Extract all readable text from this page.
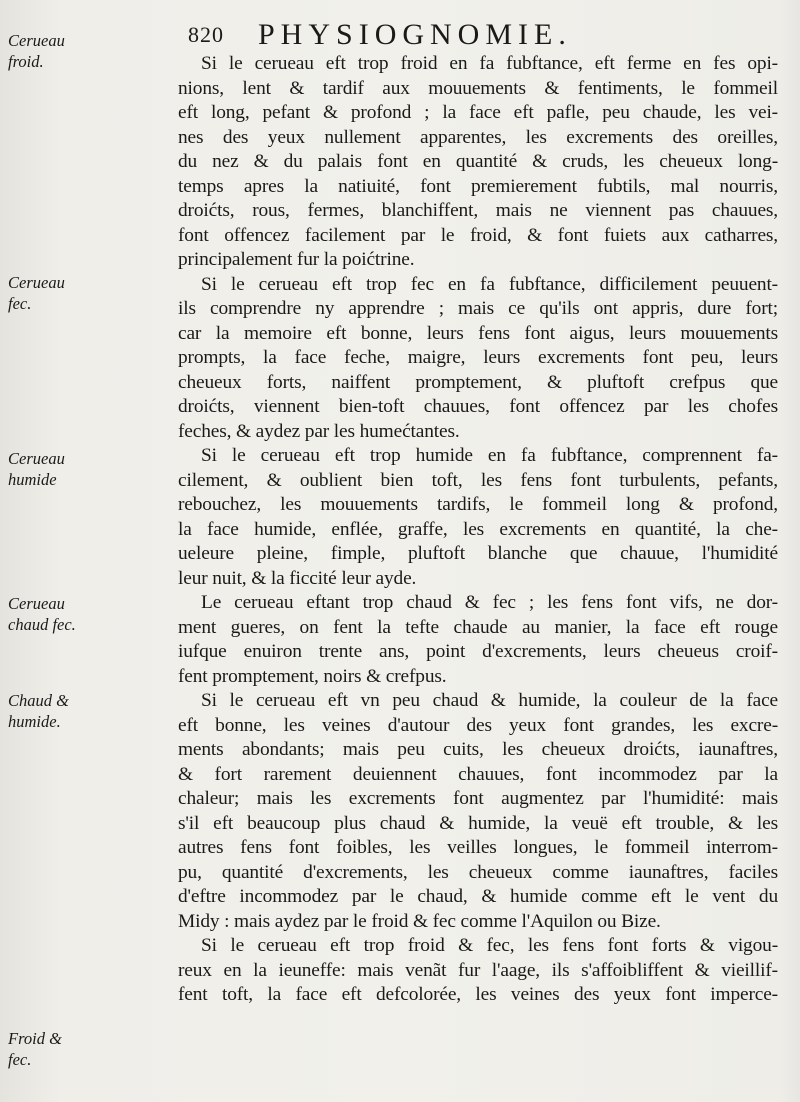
820 PHYSIOGNOMIE.
Cerueau
froid.
Cerueau
fec.
Cerueau
humide
Cerueau
chaud fec.
Chaud &
humide.
Froid &
fec.
Si le cerueau eft trop froid en fa fubftance, eft ferme en fes opi-
nions, lent & tardif aux mouuements & fentiments, le fommeil
eft long, pefant & profond ; la face eft pafle, peu chaude, les vei-
nes des yeux nullement apparentes, les excrements des oreilles,
du nez & du palais font en quantité & cruds, les cheueux long-
temps apres la natiuité, font premierement fubtils, mal nourris,
droićts, rous, fermes, blanchiffent, mais ne viennent pas chauues,
font offencez facilement par le froid, & font fuiets aux catharres,
principalement fur la poićtrine.
Si le cerueau eft trop fec en fa fubftance, difficilement peuuent-
ils comprendre ny apprendre ; mais ce qu'ils ont appris, dure fort;
car la memoire eft bonne, leurs fens font aigus, leurs mouuements
prompts, la face feche, maigre, leurs excrements font peu, leurs
cheueux forts, naiffent promptement, & pluftoft crefpus que
droićts, viennent bien-toft chauues, font offencez par les chofes
feches, & aydez par les humećtantes.
Si le cerueau eft trop humide en fa fubftance, comprennent fa-
cilement, & oublient bien toft, les fens font turbulents, pefants,
rebouchez, les mouuements tardifs, le fommeil long & profond,
la face humide, enflée, graffe, les excrements en quantité, la che-
ueleure pleine, fimple, pluftoft blanche que chauue, l'humidité
leur nuit, & la ficcité leur ayde.
Le cerueau eftant trop chaud & fec ; les fens font vifs, ne dor-
ment gueres, on fent la tefte chaude au manier, la face eft rouge
iufque enuiron trente ans, point d'excrements, leurs cheueus croif-
fent promptement, noirs & crefpus.
Si le cerueau eft vn peu chaud & humide, la couleur de la face
eft bonne, les veines d'autour des yeux font grandes, les excre-
ments abondants; mais peu cuits, les cheueux droićts, iaunaftres,
& fort rarement deuiennent chauues, font incommodez par la
chaleur; mais les excrements font augmentez par l'humidité: mais
s'il eft beaucoup plus chaud & humide, la veuë eft trouble, & les
autres fens font foibles, les veilles longues, le fommeil interrom-
pu, quantité d'excrements, les cheueux comme iaunaftres, faciles
d'eftre incommodez par le chaud, & humide comme eft le vent du
Midy : mais aydez par le froid & fec comme l'Aquilon ou Bize.
Si le cerueau eft trop froid & fec, les fens font forts & vigou-
reux en la ieuneffe: mais venãt fur l'aage, ils s'affoibliffent & vieillif-
fent toft, la face eft defcolorée, les veines des yeux font imperce-
